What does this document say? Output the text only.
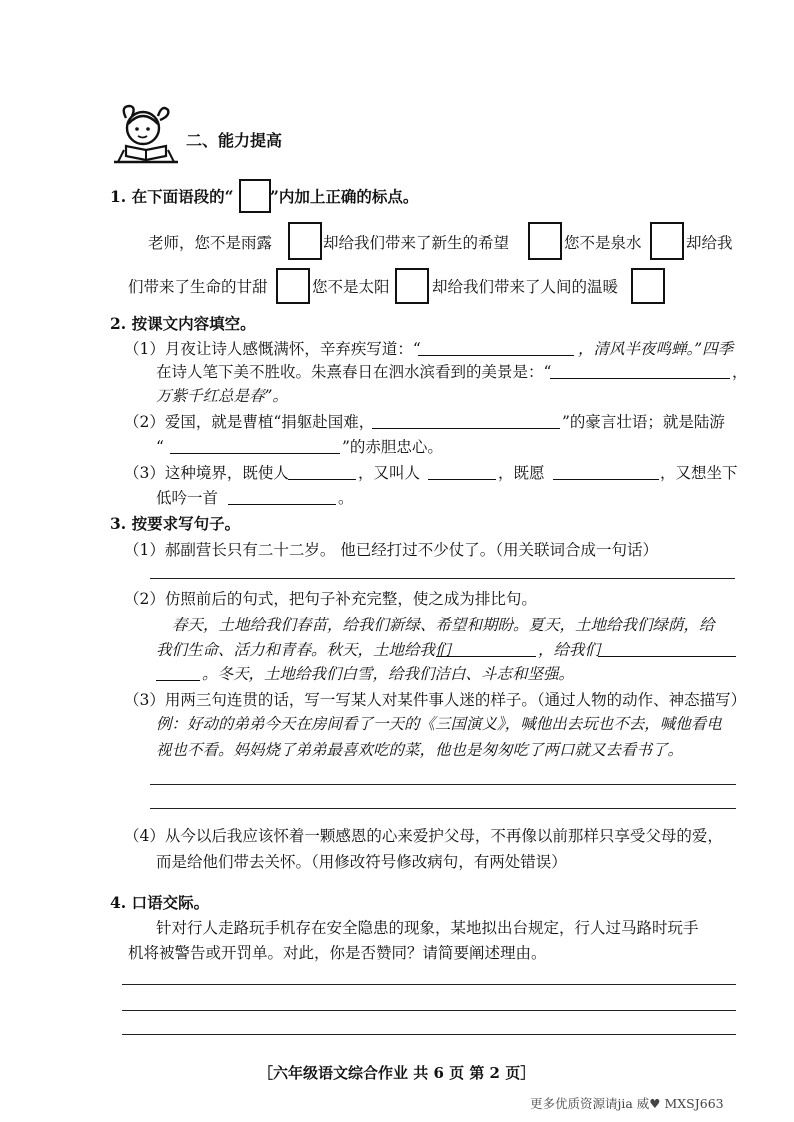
二、能力提高
1. 在下面语段的“ ”内加上正确的标点。
老师，您不是雨露	却给我们带来了新生的希望	您不是泉水	却给我
们带来了生命的甘甜	您不是太阳	却给我们带来了人间的温暖
2. 按课文内容填空。
（1）月夜让诗人感慨满怀，辛弃疾写道：“	，清风半夜鸣蝉。”四季
在诗人笔下美不胜收。朱熹春日在泗水滨看到的美景是：“	，
万紫千红总是春”。
（2）爱国，就是曹植“捐躯赴国难，	”的豪言壮语；就是陆游
“	”的赤胆忠心。
（3）这种境界，既使人	，又叫人	，既愿	，又想坐下
低吟一首	。
3. 按要求写句子。
（1）郝副营长只有二十二岁。 他已经打过不少仗了。（用关联词合成一句话）
（2）仿照前后的句式，把句子补充完整，使之成为排比句。
春天，土地给我们春苗，给我们新绿、希望和期盼。夏天，土地给我们绿荫，给
我们生命、活力和青春。秋天，土地给我们	，给我们
。冬天，土地给我们白雪，给我们洁白、斗志和坚强。
（3）用两三句连贯的话，写一写某人对某件事人迷的样子。（通过人物的动作、神态描写）
例：好动的弟弟今天在房间看了一天的《三国演义》，喊他出去玩也不去，喊他看电
视也不看。妈妈烧了弟弟最喜欢吃的菜，他也是匆匆吃了两口就又去看书了。
（4）从今以后我应该怀着一颗感恩的心来爱护父母，不再像以前那样只享受父母的爱，
而是给他们带去关怀。（用修改符号修改病句，有两处错误）
4. 口语交际。
针对行人走路玩手机存在安全隐患的现象，某地拟出台规定，行人过马路时玩手
机将被警告或开罚单。对此，你是否赞同？请简要阐述理由。
［六年级语文综合作业 共 6 页 第 2 页］
更多优质资源请jia 威♥ MXSJ663
